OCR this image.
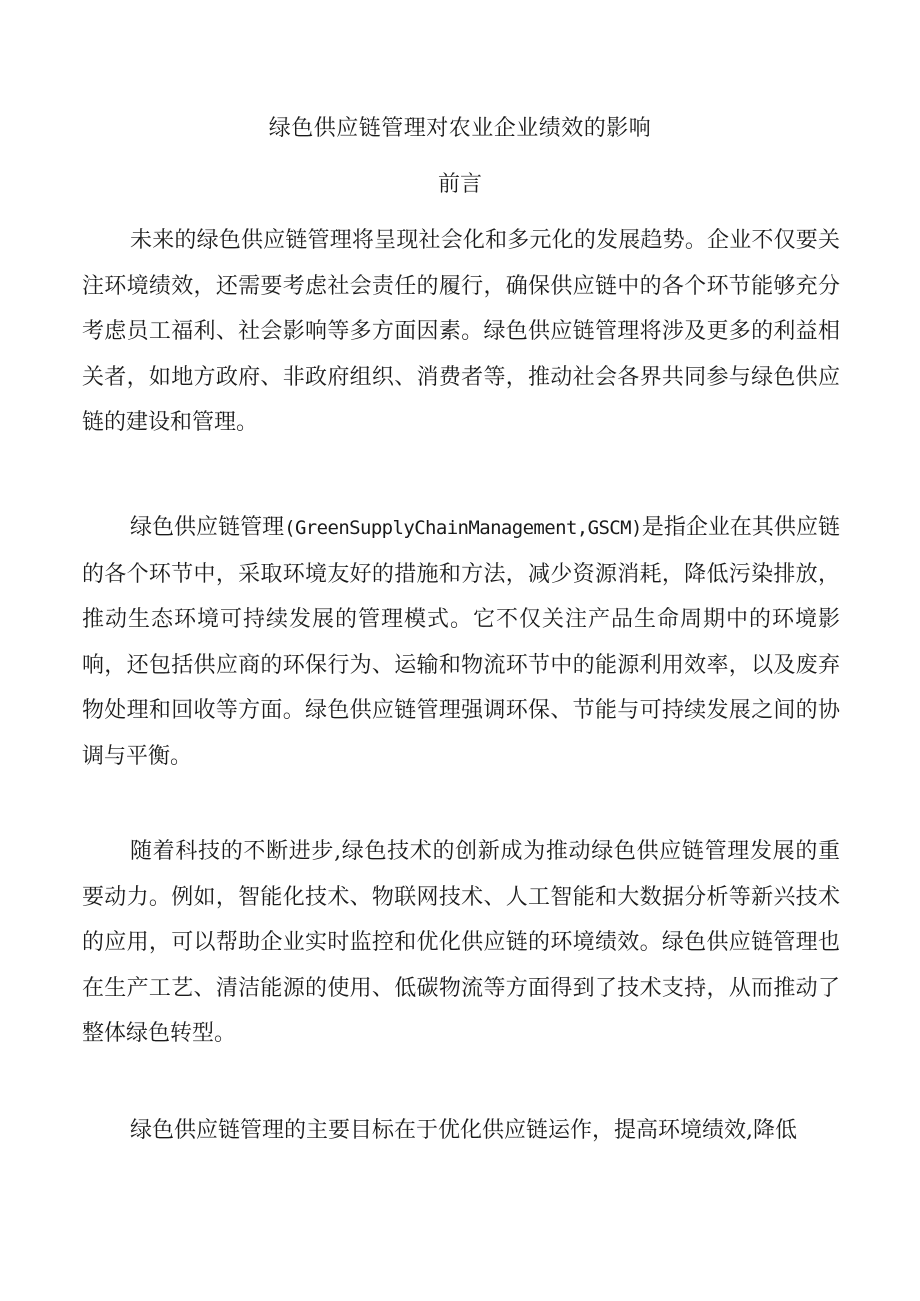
绿色供应链管理对农业企业绩效的影响
前言

未来的绿色供应链管理将呈现社会化和多元化的发展趋势。企业不仅要关注环境绩效，还需要考虑社会责任的履行，确保供应链中的各个环节能够充分考虑员工福利、社会影响等多方面因素。绿色供应链管理将涉及更多的利益相关者，如地方政府、非政府组织、消费者等，推动社会各界共同参与绿色供应链的建设和管理。

绿色供应链管理(GreenSupplyChainManagement,GSCM)是指企业在其供应链的各个环节中，采取环境友好的措施和方法，减少资源消耗，降低污染排放，推动生态环境可持续发展的管理模式。它不仅关注产品生命周期中的环境影响，还包括供应商的环保行为、运输和物流环节中的能源利用效率，以及废弃物处理和回收等方面。绿色供应链管理强调环保、节能与可持续发展之间的协调与平衡。

随着科技的不断进步,绿色技术的创新成为推动绿色供应链管理发展的重要动力。例如，智能化技术、物联网技术、人工智能和大数据分析等新兴技术的应用，可以帮助企业实时监控和优化供应链的环境绩效。绿色供应链管理也在生产工艺、清洁能源的使用、低碳物流等方面得到了技术支持，从而推动了整体绿色转型。

绿色供应链管理的主要目标在于优化供应链运作，提高环境绩效,降低
